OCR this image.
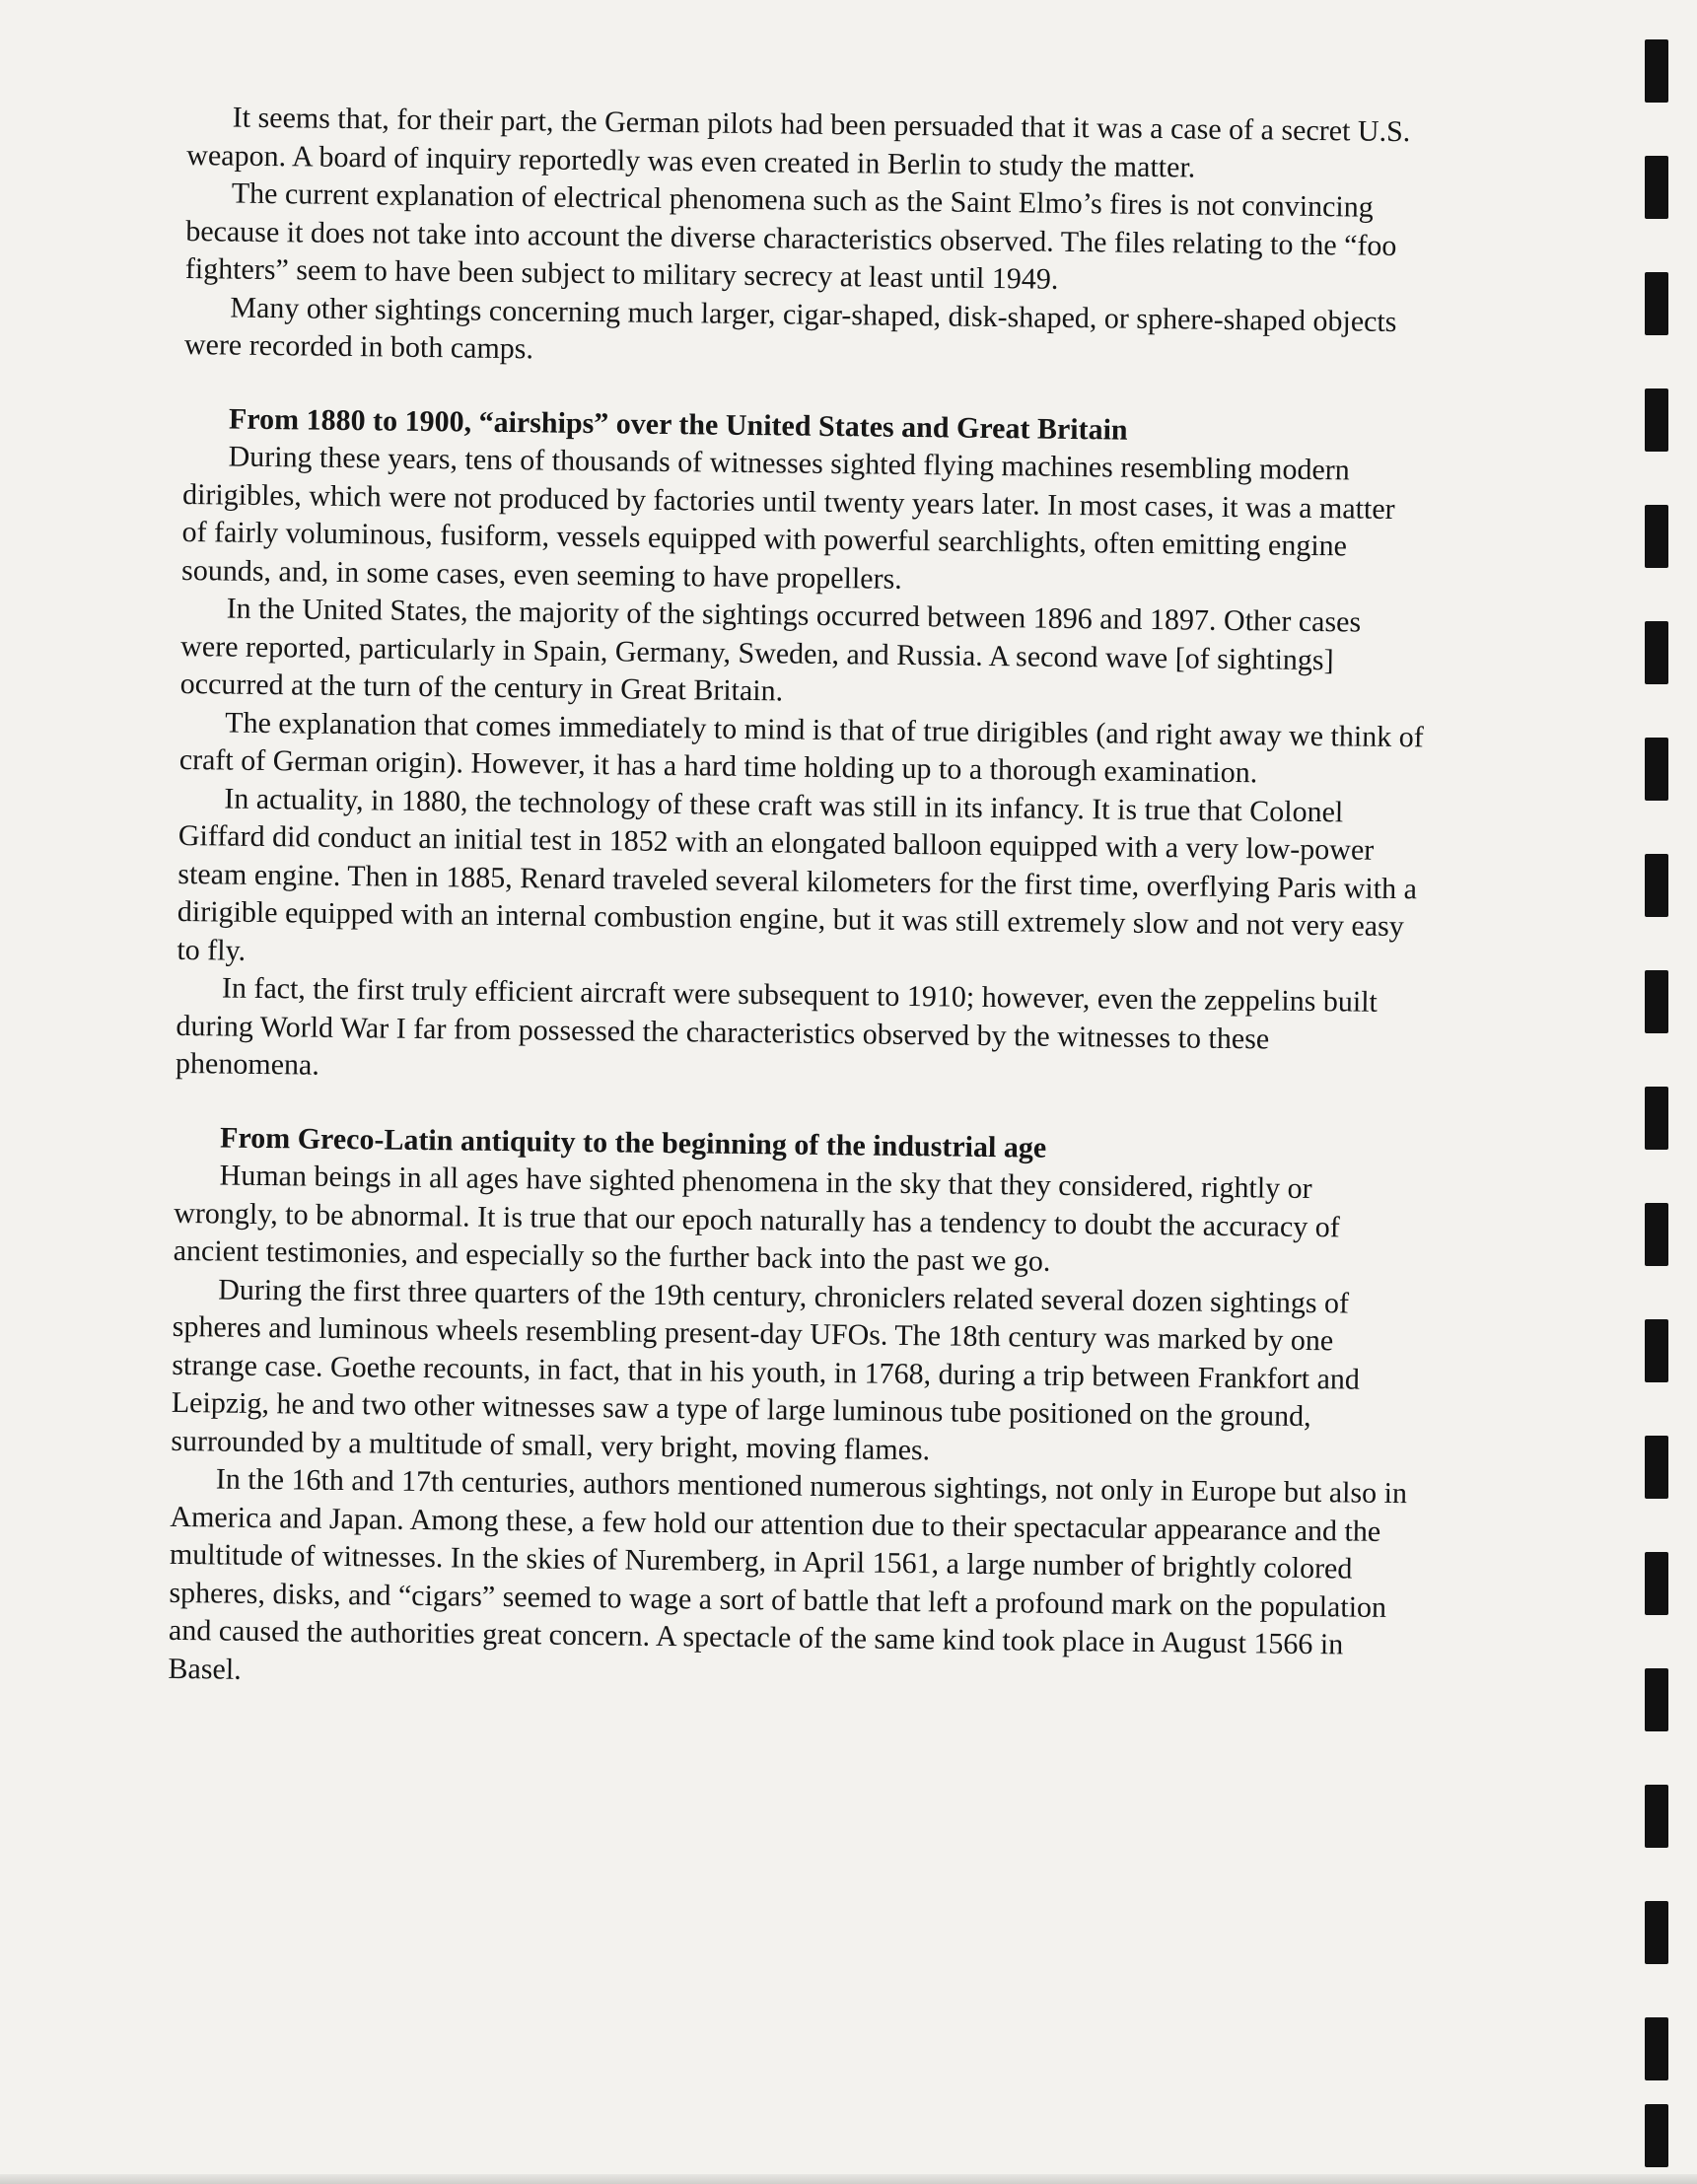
It seems that, for their part, the German pilots had been persuaded that it was a case of a secret U.S. weapon. A board of inquiry reportedly was even created in Berlin to study the matter.

The current explanation of electrical phenomena such as the Saint Elmo’s fires is not convincing because it does not take into account the diverse characteristics observed. The files relating to the “foo fighters” seem to have been subject to military secrecy at least until 1949.

Many other sightings concerning much larger, cigar-shaped, disk-shaped, or sphere-shaped objects were recorded in both camps.

From 1880 to 1900, “airships” over the United States and Great Britain

During these years, tens of thousands of witnesses sighted flying machines resembling modern dirigibles, which were not produced by factories until twenty years later. In most cases, it was a matter of fairly voluminous, fusiform, vessels equipped with powerful searchlights, often emitting engine sounds, and, in some cases, even seeming to have propellers.

In the United States, the majority of the sightings occurred between 1896 and 1897. Other cases were reported, particularly in Spain, Germany, Sweden, and Russia. A second wave [of sightings] occurred at the turn of the century in Great Britain.

The explanation that comes immediately to mind is that of true dirigibles (and right away we think of craft of German origin). However, it has a hard time holding up to a thorough examination.

In actuality, in 1880, the technology of these craft was still in its infancy. It is true that Colonel Giffard did conduct an initial test in 1852 with an elongated balloon equipped with a very low-power steam engine. Then in 1885, Renard traveled several kilometers for the first time, overflying Paris with a dirigible equipped with an internal combustion engine, but it was still extremely slow and not very easy to fly.

In fact, the first truly efficient aircraft were subsequent to 1910; however, even the zeppelins built during World War I far from possessed the characteristics observed by the witnesses to these phenomena.

From Greco-Latin antiquity to the beginning of the industrial age

Human beings in all ages have sighted phenomena in the sky that they considered, rightly or wrongly, to be abnormal. It is true that our epoch naturally has a tendency to doubt the accuracy of ancient testimonies, and especially so the further back into the past we go.

During the first three quarters of the 19th century, chroniclers related several dozen sightings of spheres and luminous wheels resembling present-day UFOs. The 18th century was marked by one strange case. Goethe recounts, in fact, that in his youth, in 1768, during a trip between Frankfort and Leipzig, he and two other witnesses saw a type of large luminous tube positioned on the ground, surrounded by a multitude of small, very bright, moving flames.

In the 16th and 17th centuries, authors mentioned numerous sightings, not only in Europe but also in America and Japan. Among these, a few hold our attention due to their spectacular appearance and the multitude of witnesses. In the skies of Nuremberg, in April 1561, a large number of brightly colored spheres, disks, and “cigars” seemed to wage a sort of battle that left a profound mark on the population and caused the authorities great concern. A spectacle of the same kind took place in August 1566 in Basel.
